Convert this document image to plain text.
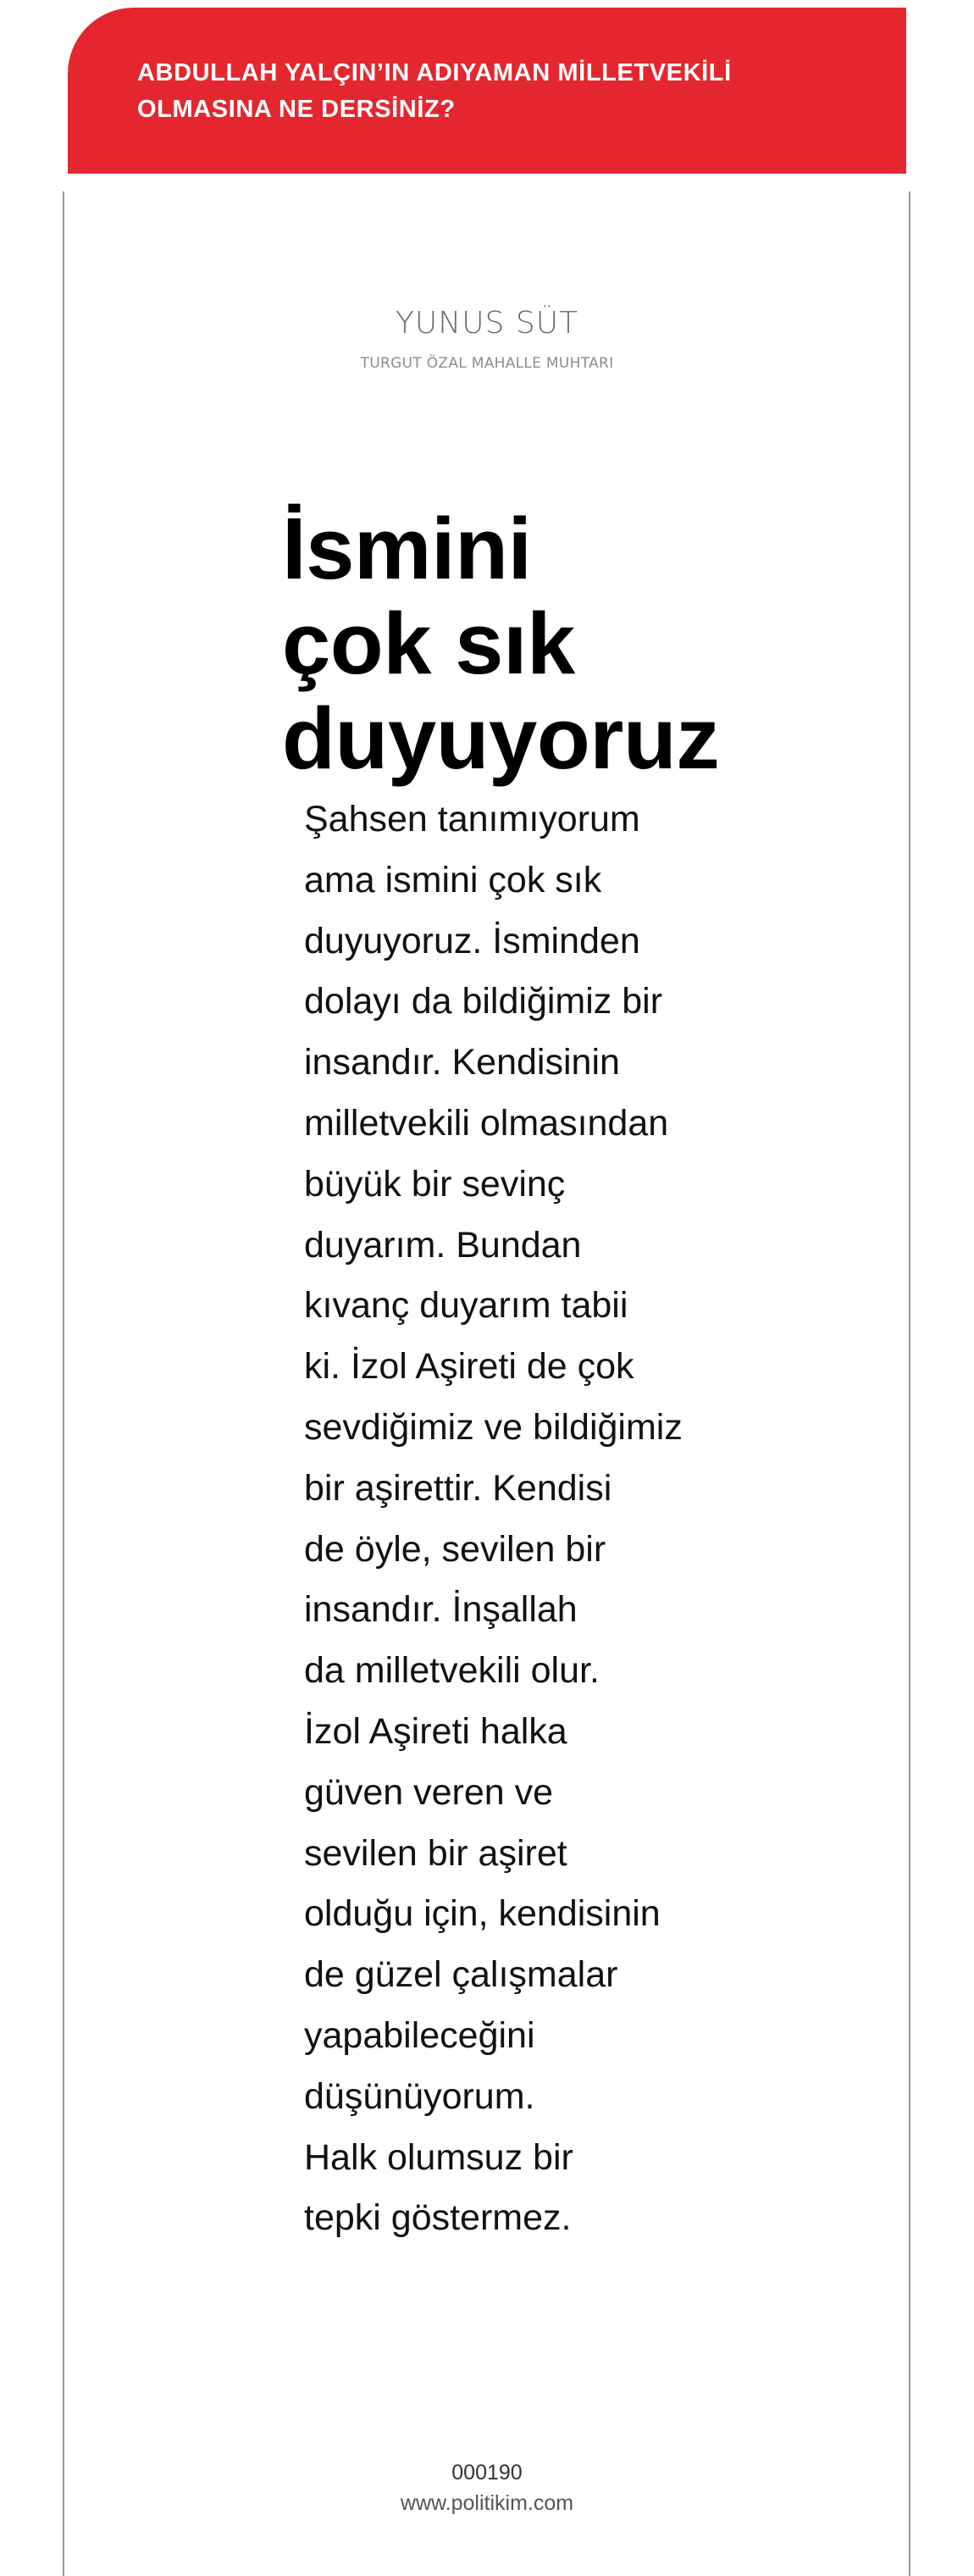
ABDULLAH YALÇIN’IN ADIYAMAN MİLLETVEKİLİ
OLMASINA NE DERSİNİZ?
YUNUS SÜT
TURGUT ÖZAL MAHALLE MUHTARI
İsmini
çok sık
duyuyoruz

Şahsen tanımıyorum
ama ismini çok sık
duyuyoruz. İsminden
dolayı da bildiğimiz bir
insandır. Kendisinin
milletvekili olmasından
büyük bir sevinç
duyarım. Bundan
kıvanç duyarım tabii
ki. İzol Aşireti de çok
sevdiğimiz ve bildiğimiz
bir aşirettir. Kendisi
de öyle, sevilen bir
insandır. İnşallah
da milletvekili olur.
İzol Aşireti halka
güven veren ve
sevilen bir aşiret
olduğu için, kendisinin
de güzel çalışmalar
yapabileceğini
düşünüyorum.
Halk olumsuz bir
tepki göstermez.

000190
www.politikim.com
